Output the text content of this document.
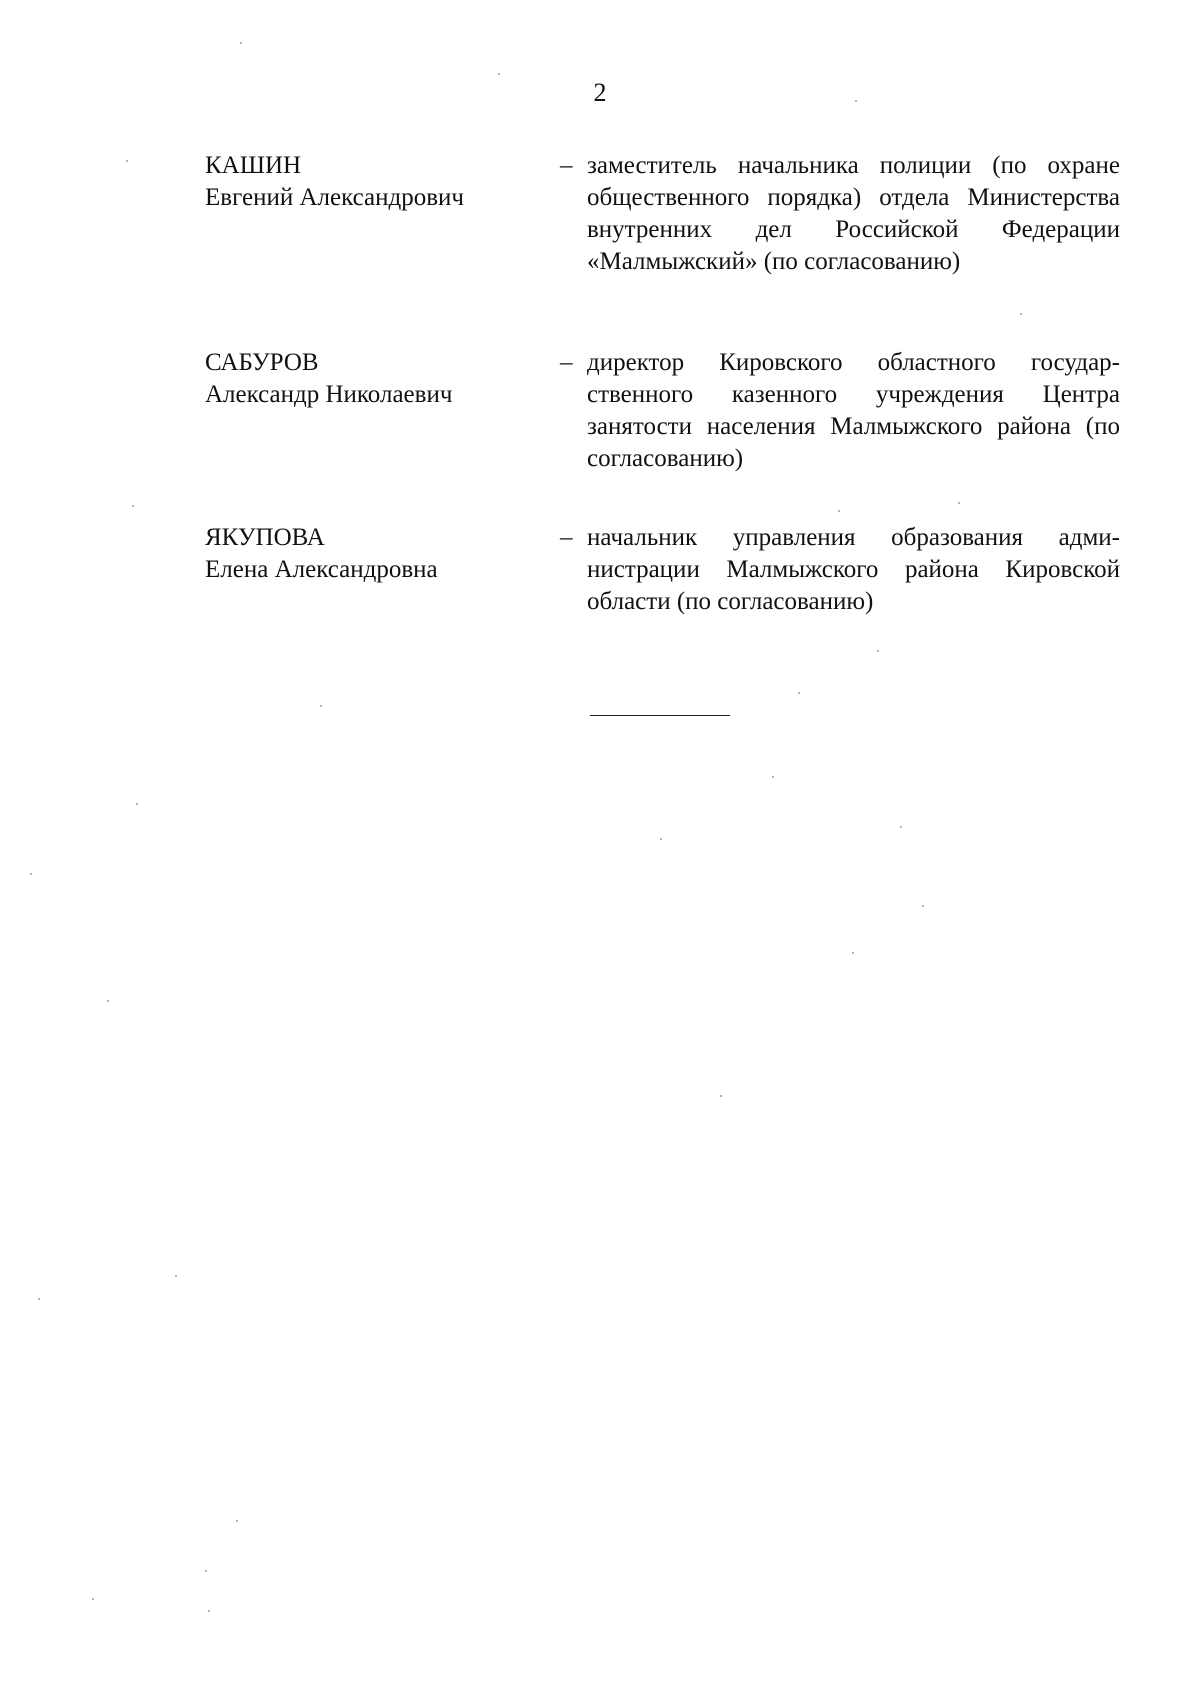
2
КАШИН
Евгений Александрович
– заместитель начальника полиции (по охране общественного порядка) отдела Министерства внутренних дел Российской Федерации «Малмыжский» (по согласованию)
САБУРОВ
Александр Николаевич
– директор Кировского областного государственного казенного учреждения Центра занятости населения Малмыжского района (по согласованию)
ЯКУПОВА
Елена Александровна
– начальник управления образования администрации Малмыжского района Кировской области (по согласованию)
